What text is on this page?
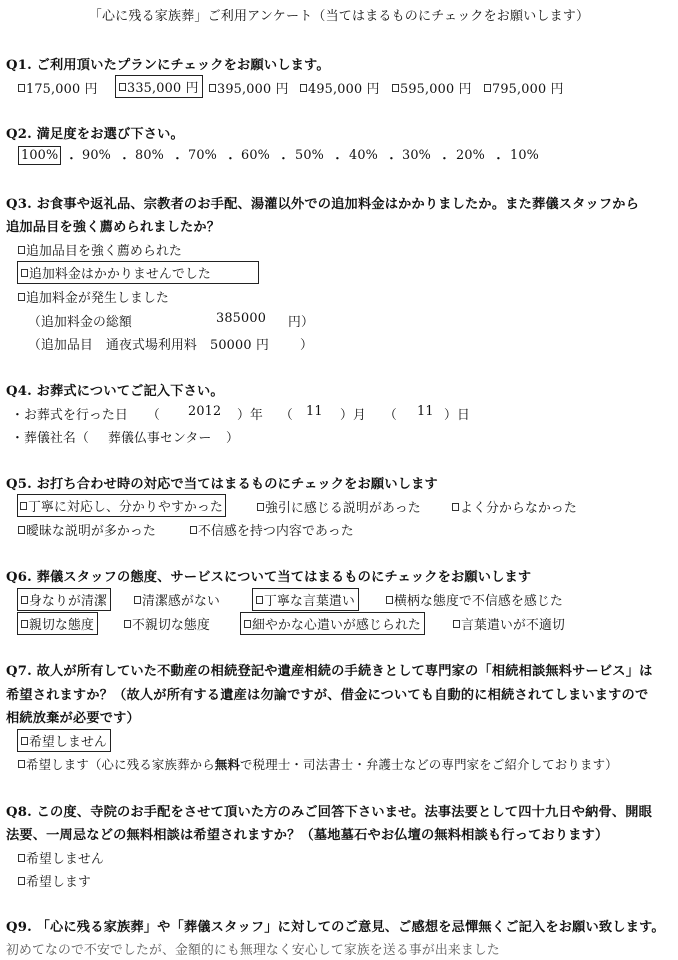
「心に残る家族葬」ご利用アンケート（当てはまるものにチェックをお願いします）
Q1. ご利用頂いたプランにチェックをお願いします。
175,000 円	335,000 円	395,000 円	495,000 円	595,000 円	795,000 円
Q2. 満足度をお選び下さい。
100% ・ 90% ・ 80% ・ 70% ・ 60% ・ 50% ・ 40% ・ 30% ・ 20% ・ 10%
Q3. お食事や返礼品、宗教者のお手配、湯灌以外での追加料金はかかりましたか。また葬儀スタッフから
追加品目を強く薦められましたか？
追加品目を強く薦められた
追加料金はかかりませんでした
追加料金が発生しました
（追加料金の総額	385000 円）
（追加品目 通夜式場利用料　50000 円 ）
Q4. お葬式についてご記入下さい。
・お葬式を行った日 （ 2012 ）年 （ 11 ）月 （ 11 ）日
・葬儀社名（ 葬儀仏事センター ）
Q5. お打ち合わせ時の対応で当てはまるものにチェックをお願いします
丁寧に対応し、分かりやすかった	強引に感じる説明があった	よく分からなかった
曖昧な説明が多かった	不信感を持つ内容であった
Q6. 葬儀スタッフの態度、サービスについて当てはまるものにチェックをお願いします
身なりが清潔	清潔感がない	丁寧な言葉遣い	横柄な態度で不信感を感じた
親切な態度	不親切な態度	細やかな心遣いが感じられた	言葉遣いが不適切
Q7. 故人が所有していた不動産の相続登記や遺産相続の手続きとして専門家の「相続相談無料サービス」は
希望されますか？（故人が所有する遺産は勿論ですが、借金についても自動的に相続されてしまいますので
相続放棄が必要です）
希望しません
希望します（心に残る家族葬から無料で税理士・司法書士・弁護士などの専門家をご紹介しております）
Q8. この度、寺院のお手配をさせて頂いた方のみご回答下さいませ。法事法要として四十九日や納骨、開眼
法要、一周忌などの無料相談は希望されますか？（墓地墓石やお仏壇の無料相談も行っております）
希望しません
希望します
Q9. 「心に残る家族葬」や「葬儀スタッフ」に対してのご意見、ご感想を忌憚無くご記入をお願い致します。
初めてなので不安でしたが、金額的にも無理なく安心して家族を送る事が出来ました
